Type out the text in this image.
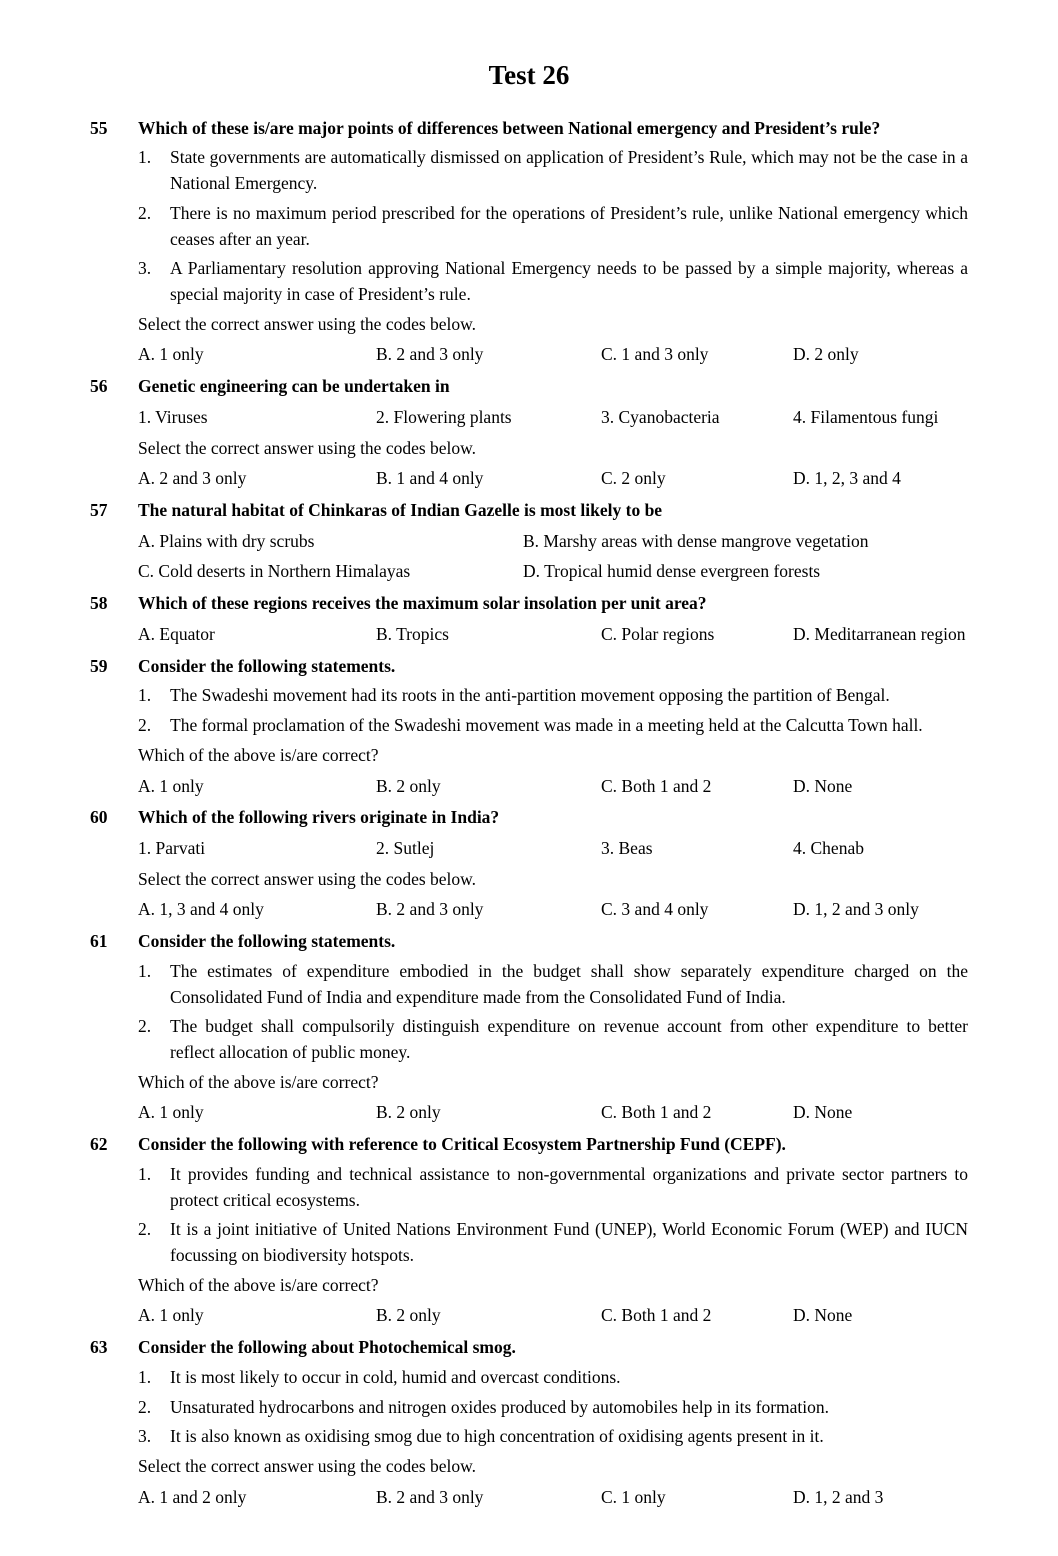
Test 26
55	Which of these is/are major points of differences between National emergency and President’s rule?
1.	State governments are automatically dismissed on application of President’s Rule, which may not be the case in a National Emergency.
2.	There is no maximum period prescribed for the operations of President’s rule, unlike National emergency which ceases after an year.
3.	A Parliamentary resolution approving National Emergency needs to be passed by a simple majority, whereas a special majority in case of President’s rule.
Select the correct answer using the codes below.
A. 1 only	B. 2 and 3 only	C. 1 and 3 only	D. 2 only
56	Genetic engineering can be undertaken in
1. Viruses	2. Flowering plants	3. Cyanobacteria	4. Filamentous fungi
Select the correct answer using the codes below.
A. 2 and 3 only	B. 1 and 4 only	C. 2 only	D. 1, 2, 3 and 4
57	The natural habitat of Chinkaras of Indian Gazelle is most likely to be
A. Plains with dry scrubs	B. Marshy areas with dense mangrove vegetation
C. Cold deserts in Northern Himalayas	D. Tropical humid dense evergreen forests
58	Which of these regions receives the maximum solar insolation per unit area?
A. Equator	B. Tropics	C. Polar regions	D. Meditarranean region
59	Consider the following statements.
1.	The Swadeshi movement had its roots in the anti-partition movement opposing the partition of Bengal.
2.	The formal proclamation of the Swadeshi movement was made in a meeting held at the Calcutta Town hall.
Which of the above is/are correct?
A. 1 only	B. 2 only	C. Both 1 and 2	D. None
60	Which of the following rivers originate in India?
1. Parvati	2. Sutlej	3. Beas	4. Chenab
Select the correct answer using the codes below.
A. 1, 3 and 4 only	B. 2 and 3 only	C. 3 and 4 only	D. 1, 2 and 3 only
61	Consider the following statements.
1.	The estimates of expenditure embodied in the budget shall show separately expenditure charged on the Consolidated Fund of India and expenditure made from the Consolidated Fund of India.
2.	The budget shall compulsorily distinguish expenditure on revenue account from other expenditure to better reflect allocation of public money.
Which of the above is/are correct?
A. 1 only	B. 2 only	C. Both 1 and 2	D. None
62	Consider the following with reference to Critical Ecosystem Partnership Fund (CEPF).
1.	It provides funding and technical assistance to non-governmental organizations and private sector partners to protect critical ecosystems.
2.	It is a joint initiative of United Nations Environment Fund (UNEP), World Economic Forum (WEP) and IUCN focussing on biodiversity hotspots.
Which of the above is/are correct?
A. 1 only	B. 2 only	C. Both 1 and 2	D. None
63	Consider the following about Photochemical smog.
1.	It is most likely to occur in cold, humid and overcast conditions.
2.	Unsaturated hydrocarbons and nitrogen oxides produced by automobiles help in its formation.
3.	It is also known as oxidising smog due to high concentration of oxidising agents present in it.
Select the correct answer using the codes below.
A. 1 and 2 only	B. 2 and 3 only	C. 1 only	D. 1, 2 and 3
